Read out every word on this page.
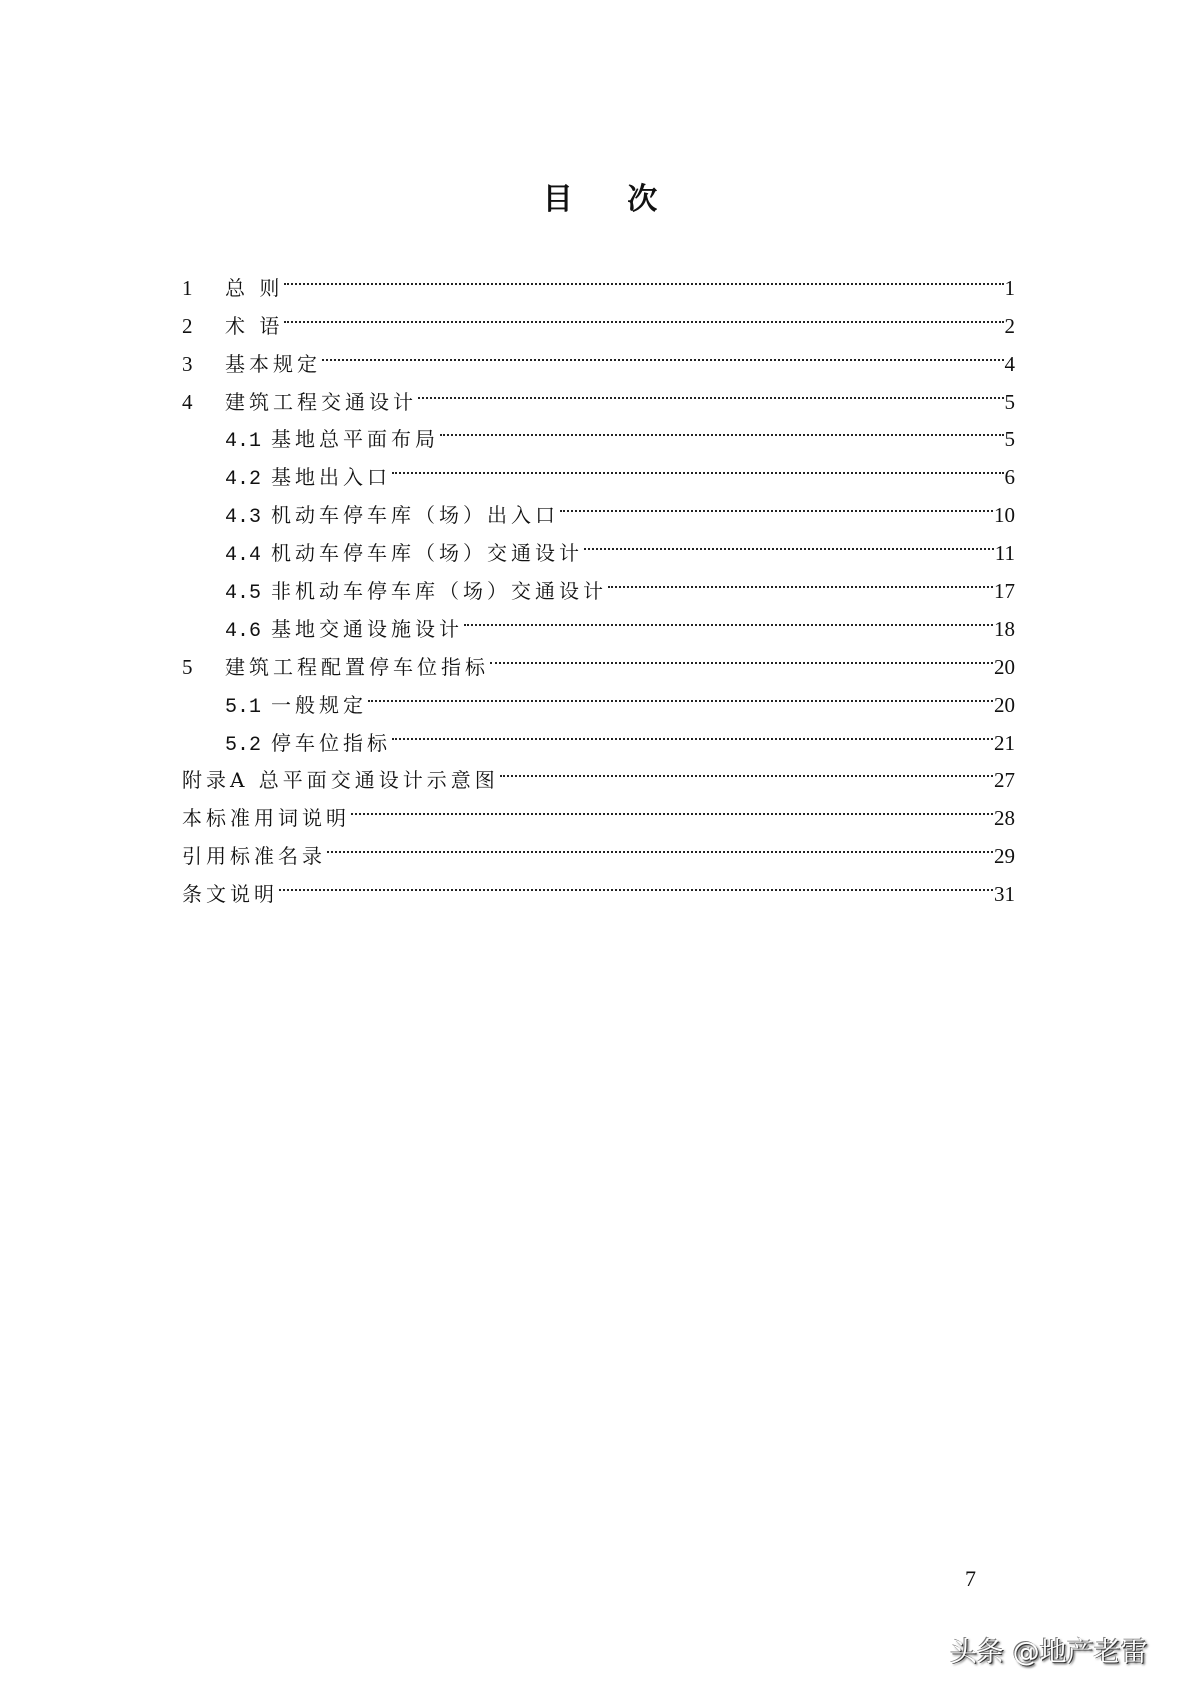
目 次
1	总 则	1
2	术 语	2
3	基本规定	4
4	建筑工程交通设计	5
4.1 基地总平面布局	5
4.2 基地出入口	6
4.3 机动车停车库（场）出入口	10
4.4 机动车停车库（场）交通设计	11
4.5 非机动车停车库（场）交通设计	17
4.6 基地交通设施设计	18
5	建筑工程配置停车位指标	20
5.1 一般规定	20
5.2 停车位指标	21
附录A 总平面交通设计示意图	27
本标准用词说明	28
引用标准名录	29
条文说明	31
7
头条 @地产老雷
